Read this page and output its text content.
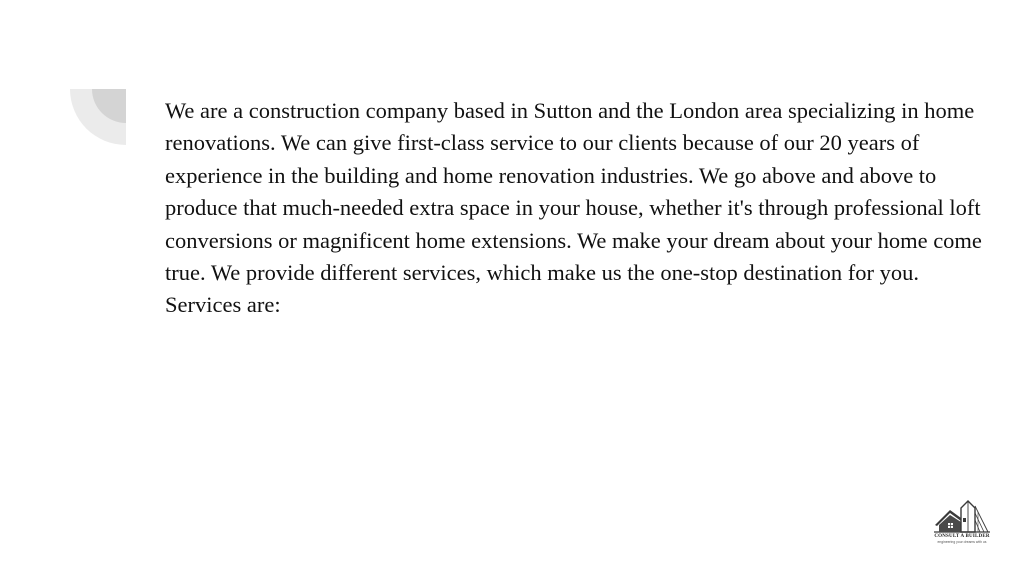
We are a construction company based in Sutton and the London area specializing in home renovations. We can give first-class service to our clients because of our 20 years of experience in the building and home renovation industries. We go above and above to produce that much-needed extra space in your house, whether it's through professional loft conversions or magnificent home extensions. We make your dream about your home come true. We provide different services, which make us the one-stop destination for you. Services are:

CONSULT A BUILDER
engineering your dreams with us
